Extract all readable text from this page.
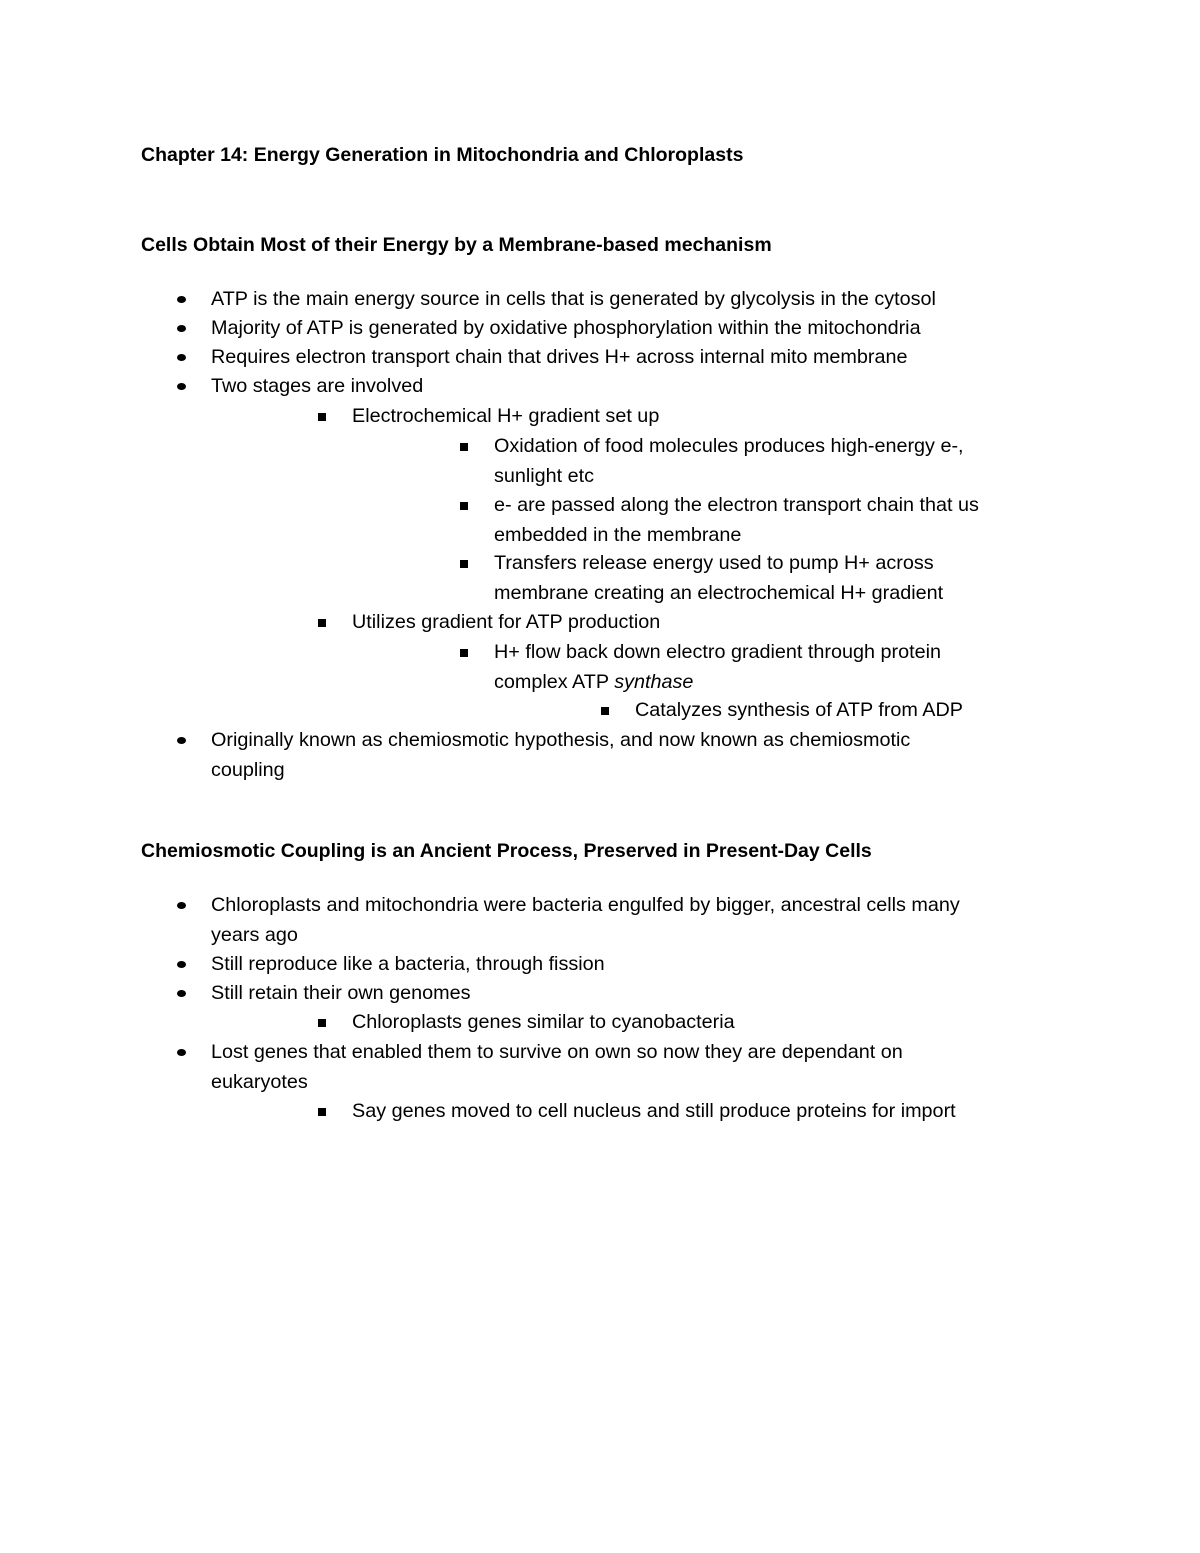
Chapter 14: Energy Generation in Mitochondria and Chloroplasts
Cells Obtain Most of their Energy by a Membrane-based mechanism
ATP is the main energy source in cells that is generated by glycolysis in the cytosol
Majority of ATP is generated by oxidative phosphorylation within the mitochondria
Requires electron transport chain that drives H+ across internal mito membrane
Two stages are involved
Electrochemical H+ gradient set up
Oxidation of food molecules produces high-energy e-,
sunlight etc
e- are passed along the electron transport chain that us
embedded in the membrane
Transfers release energy used to pump H+ across
membrane creating an electrochemical H+ gradient
Utilizes gradient for ATP production
H+ flow back down electro gradient through protein
complex ATP synthase
Catalyzes synthesis of ATP from ADP
Originally known as chemiosmotic hypothesis, and now known as chemiosmotic
coupling
Chemiosmotic Coupling is an Ancient Process, Preserved in Present-Day Cells
Chloroplasts and mitochondria were bacteria engulfed by bigger, ancestral cells many
years ago
Still reproduce like a bacteria, through fission
Still retain their own genomes
Chloroplasts genes similar to cyanobacteria
Lost genes that enabled them to survive on own so now they are dependant on
eukaryotes
Say genes moved to cell nucleus and still produce proteins for import
